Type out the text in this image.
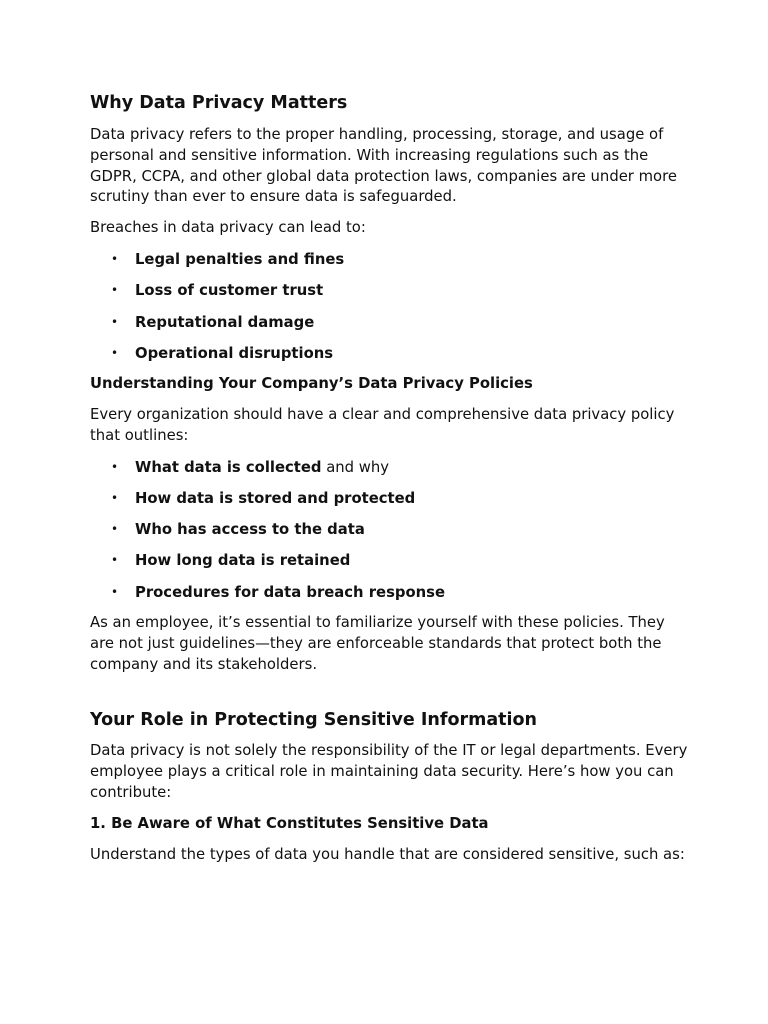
Why Data Privacy Matters

Data privacy refers to the proper handling, processing, storage, and usage of personal and sensitive information. With increasing regulations such as the GDPR, CCPA, and other global data protection laws, companies are under more scrutiny than ever to ensure data is safeguarded.

Breaches in data privacy can lead to:

• Legal penalties and fines
• Loss of customer trust
• Reputational damage
• Operational disruptions

Understanding Your Company’s Data Privacy Policies

Every organization should have a clear and comprehensive data privacy policy that outlines:

• What data is collected and why
• How data is stored and protected
• Who has access to the data
• How long data is retained
• Procedures for data breach response

As an employee, it’s essential to familiarize yourself with these policies. They are not just guidelines—they are enforceable standards that protect both the company and its stakeholders.

Your Role in Protecting Sensitive Information

Data privacy is not solely the responsibility of the IT or legal departments. Every employee plays a critical role in maintaining data security. Here’s how you can contribute:

1. Be Aware of What Constitutes Sensitive Data

Understand the types of data you handle that are considered sensitive, such as:
